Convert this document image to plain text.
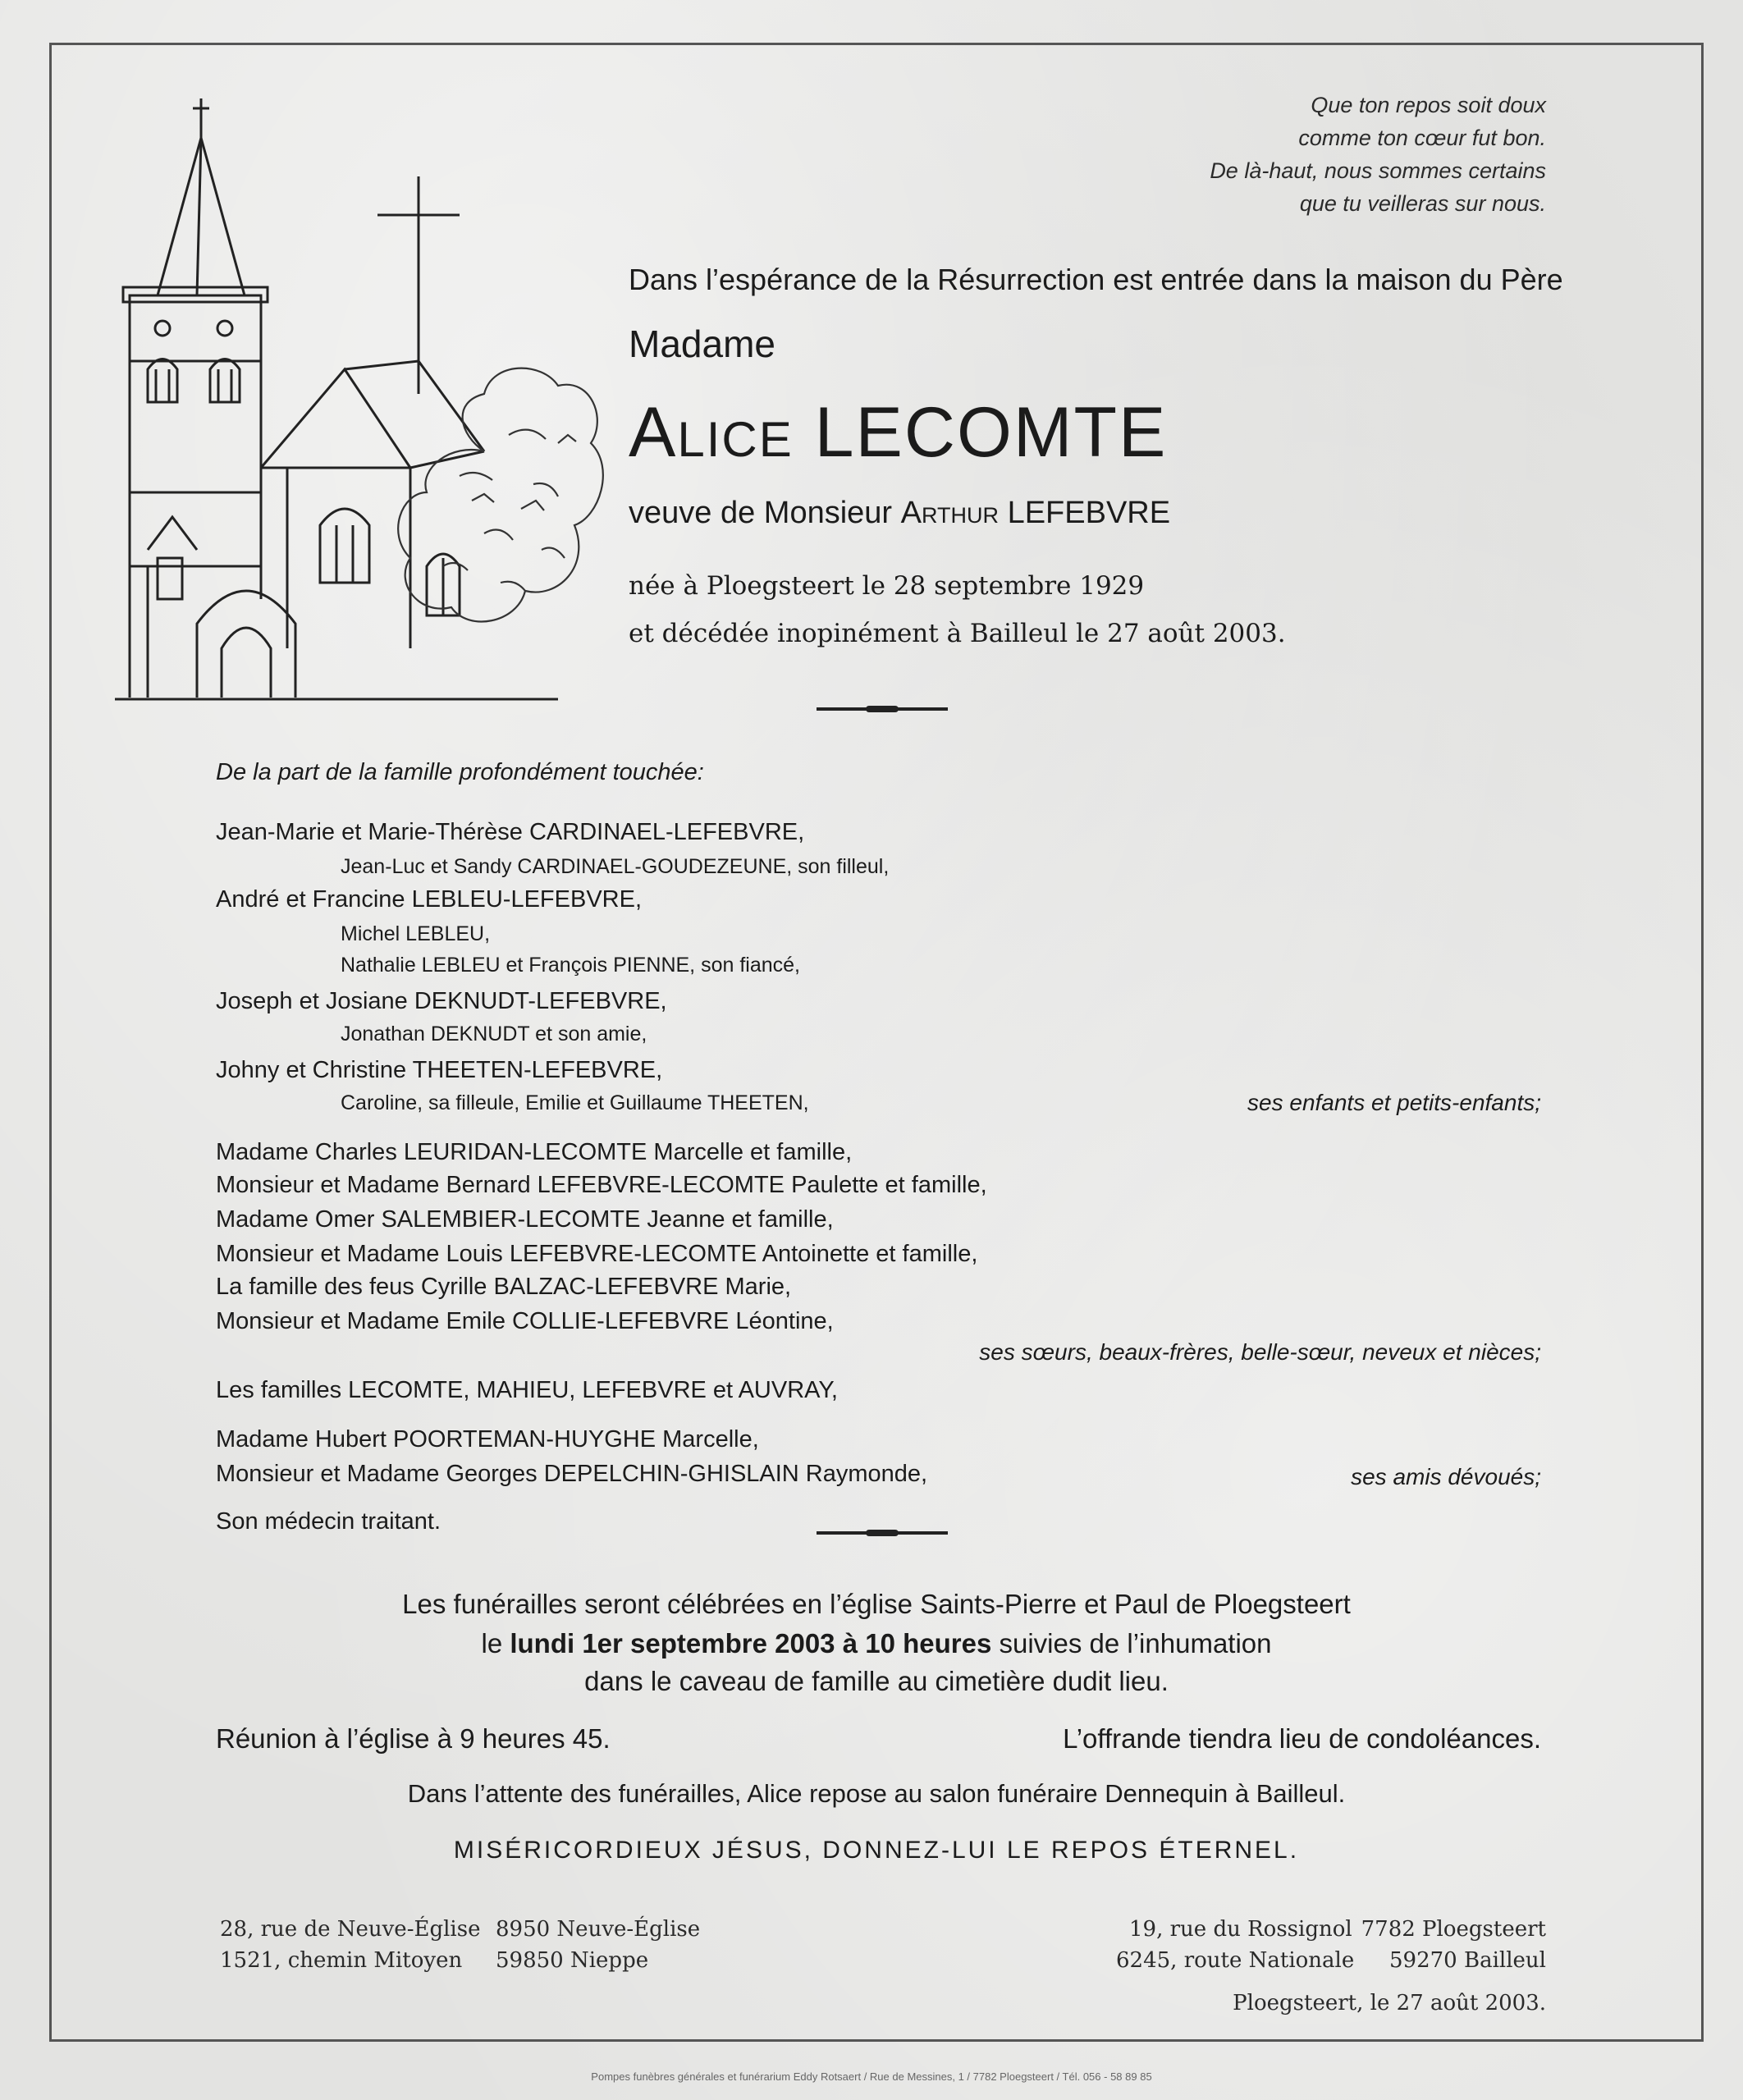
Que ton repos soit doux
comme ton cœur fut bon.
De là-haut, nous sommes certains
que tu veilleras sur nous.
Dans l’espérance de la Résurrection est entrée dans la maison du Père
Madame
Alice LECOMTE
veuve de Monsieur Arthur LEFEBVRE
née à Ploegsteert le 28 septembre 1929
et décédée inopinément à Bailleul le 27 août 2003.
De la part de la famille profondément touchée:
Jean-Marie et Marie-Thérèse CARDINAEL-LEFEBVRE,
Jean-Luc et Sandy CARDINAEL-GOUDEZEUNE, son filleul,
André et Francine LEBLEU-LEFEBVRE,
Michel LEBLEU,
Nathalie LEBLEU et François PIENNE, son fiancé,
Joseph et Josiane DEKNUDT-LEFEBVRE,
Jonathan DEKNUDT et son amie,
Johny et Christine THEETEN-LEFEBVRE,
Caroline, sa filleule, Emilie et Guillaume THEETEN,	ses enfants et petits-enfants;
Madame Charles LEURIDAN-LECOMTE Marcelle et famille,
Monsieur et Madame Bernard LEFEBVRE-LECOMTE Paulette et famille,
Madame Omer SALEMBIER-LECOMTE Jeanne et famille,
Monsieur et Madame Louis LEFEBVRE-LECOMTE Antoinette et famille,
La famille des feus Cyrille BALZAC-LEFEBVRE Marie,
Monsieur et Madame Emile COLLIE-LEFEBVRE Léontine,
ses sœurs, beaux-frères, belle-sœur, neveux et nièces;
Les familles LECOMTE, MAHIEU, LEFEBVRE et AUVRAY,
Madame Hubert POORTEMAN-HUYGHE Marcelle,
Monsieur et Madame Georges DEPELCHIN-GHISLAIN Raymonde,	ses amis dévoués;
Son médecin traitant.
Les funérailles seront célébrées en l’église Saints-Pierre et Paul de Ploegsteert
le lundi 1er septembre 2003 à 10 heures suivies de l’inhumation
dans le caveau de famille au cimetière dudit lieu.
Réunion à l’église à 9 heures 45.	L’offrande tiendra lieu de condoléances.
Dans l’attente des funérailles, Alice repose au salon funéraire Dennequin à Bailleul.
MISÉRICORDIEUX JÉSUS, DONNEZ-LUI LE REPOS ÉTERNEL.
28, rue de Neuve-Église 8950 Neuve-Église
1521, chemin Mitoyen 59850 Nieppe
19, rue du Rossignol 7782 Ploegsteert
6245, route Nationale 59270 Bailleul
Ploegsteert, le 27 août 2003.
Pompes funèbres générales et funérarium Eddy Rotsaert / Rue de Messines, 1 / 7782 Ploegsteert / Tél. 056 - 58 89 85
